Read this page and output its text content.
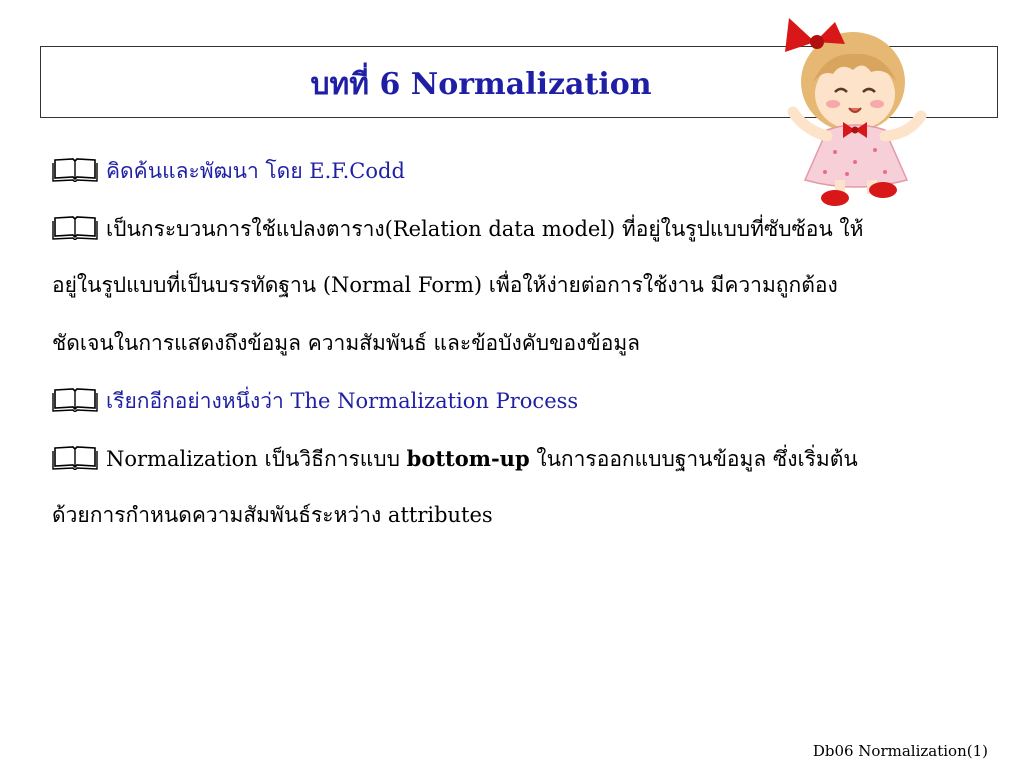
บทที่ 6 Normalization
คิดค้นและพัฒนา โดย E.F.Codd
เป็นกระบวนการใช้แปลงตาราง(Relation data model) ที่อยู่ในรูปแบบที่ซับซ้อน ให้
อยู่ในรูปแบบที่เป็นบรรทัดฐาน (Normal Form) เพื่อให้ง่ายต่อการใช้งาน มีความถูกต้อง
ชัดเจนในการแสดงถึงข้อมูล ความสัมพันธ์ และข้อบังคับของข้อมูล
เรียกอีกอย่างหนึ่งว่า The Normalization Process
Normalization เป็นวิธีการแบบ bottom-up ในการออกแบบฐานข้อมูล ซึ่งเริ่มต้น
ด้วยการกำหนดความสัมพันธ์ระหว่าง attributes
Db06 Normalization(1)
